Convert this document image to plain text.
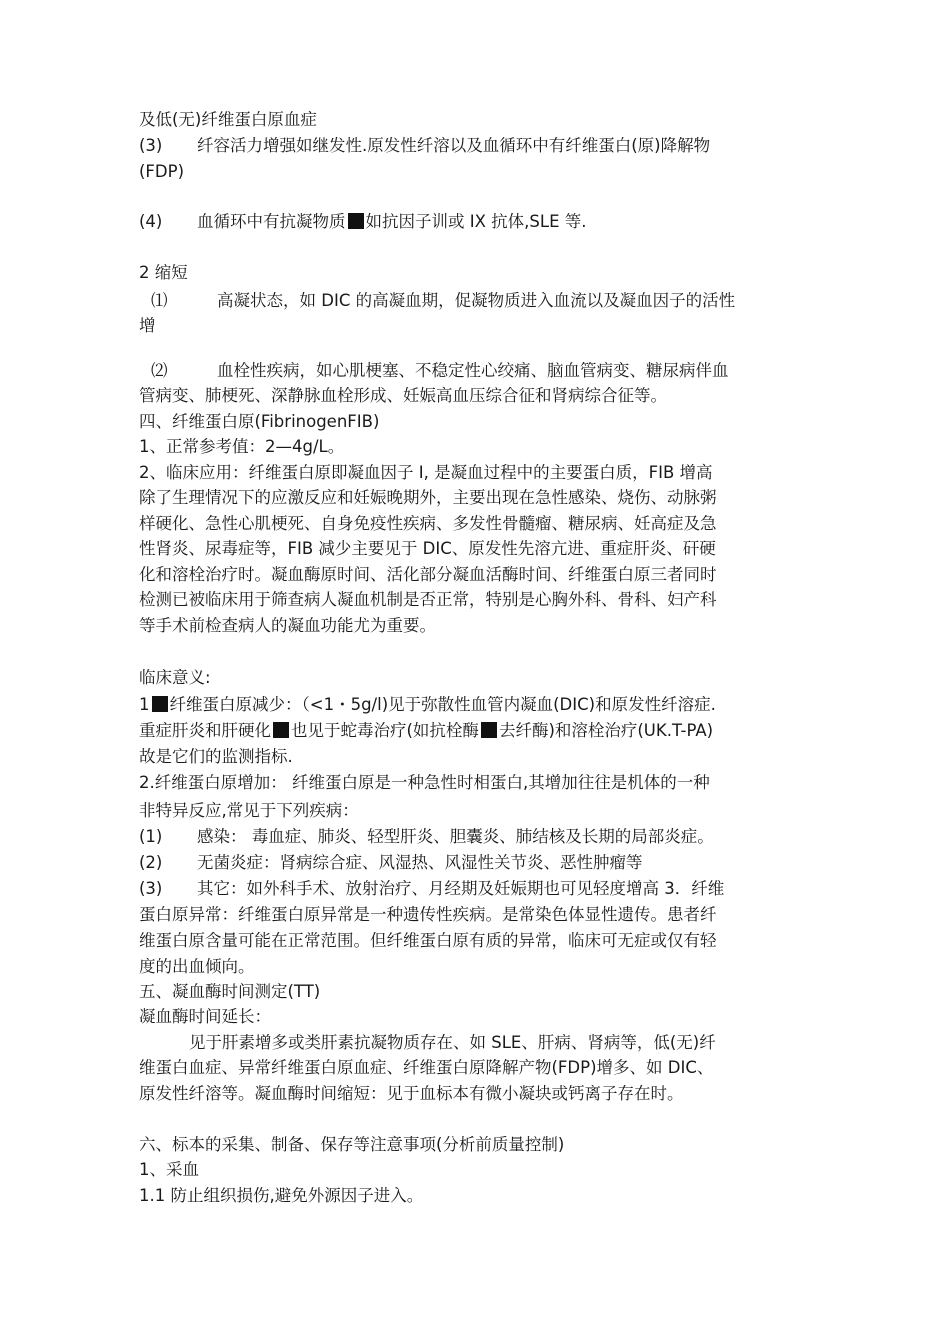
及低(无)纤维蛋白原血症
(3) 纤容活力增强如继发性.原发性纤溶以及血循环中有纤维蛋白(原)降解物
(FDP)
(4) 血循环中有抗凝物质 如抗因子训或 IX 抗体,SLE 等.
2 缩短
⑴	高凝状态，如 DIC 的高凝血期，促凝物质进入血流以及凝血因子的活性
增
⑵	血栓性疾病，如心肌梗塞、不稳定性心绞痛、脑血管病变、糖尿病伴血
管病变、肺梗死、深静脉血栓形成、妊娠高血压综合征和肾病综合征等。
四、纤维蛋白原(FibrinogenFIB)
1、正常参考值：2—4g/L。
2、临床应用：纤维蛋白原即凝血因子 I, 是凝血过程中的主要蛋白质，FIB 增高
除了生理情况下的应激反应和妊娠晚期外，主要出现在急性感染、烧伤、动脉粥
样硬化、急性心肌梗死、自身免疫性疾病、多发性骨髓瘤、糖尿病、妊高症及急
性肾炎、尿毒症等，FIB 减少主要见于 DIC、原发性先溶亢进、重症肝炎、矸硬
化和溶栓治疗时。凝血酶原时间、活化部分凝血活酶时间、纤维蛋白原三者同时
检测已被临床用于筛查病人凝血机制是否正常，特别是心胸外科、骨科、妇产科
等手术前检查病人的凝血功能尤为重要。
临床意义:
1 纤维蛋白原减少：（<1・5g/l)见于弥散性血管内凝血(DIC)和原发性纤溶症.
重症肝炎和肝硬化 也见于蛇毒治疗(如抗栓酶 去纤酶)和溶栓治疗(UK.T-PA)
故是它们的监测指标.
2.纤维蛋白原增加： 纤维蛋白原是一种急性时相蛋白,其增加往往是机体的一种
非特异反应,常见于下列疾病：
(1) 感染： 毒血症、肺炎、轻型肝炎、胆囊炎、肺结核及长期的局部炎症。
(2) 无菌炎症：肾病综合症、风湿热、风湿性关节炎、恶性肿瘤等
(3) 其它：如外科手术、放射治疗、月经期及妊娠期也可见轻度增高 3．纤维
蛋白原异常：纤维蛋白原异常是一种遗传性疾病。是常染色体显性遗传。患者纤
维蛋白原含量可能在正常范围。但纤维蛋白原有质的异常，临床可无症或仅有轻
度的出血倾向。
五、凝血酶时间测定(TT)
凝血酶时间延长：
见于肝素增多或类肝素抗凝物质存在、如 SLE、肝病、肾病等，低(无)纤
维蛋白血症、异常纤维蛋白原血症、纤维蛋白原降解产物(FDP)增多、如 DIC、
原发性纤溶等。凝血酶时间缩短：见于血标本有微小凝块或钙离子存在时。
六、标本的采集、制备、保存等注意事项(分析前质量控制)
1、采血
1.1 防止组织损伤,避免外源因子进入。
